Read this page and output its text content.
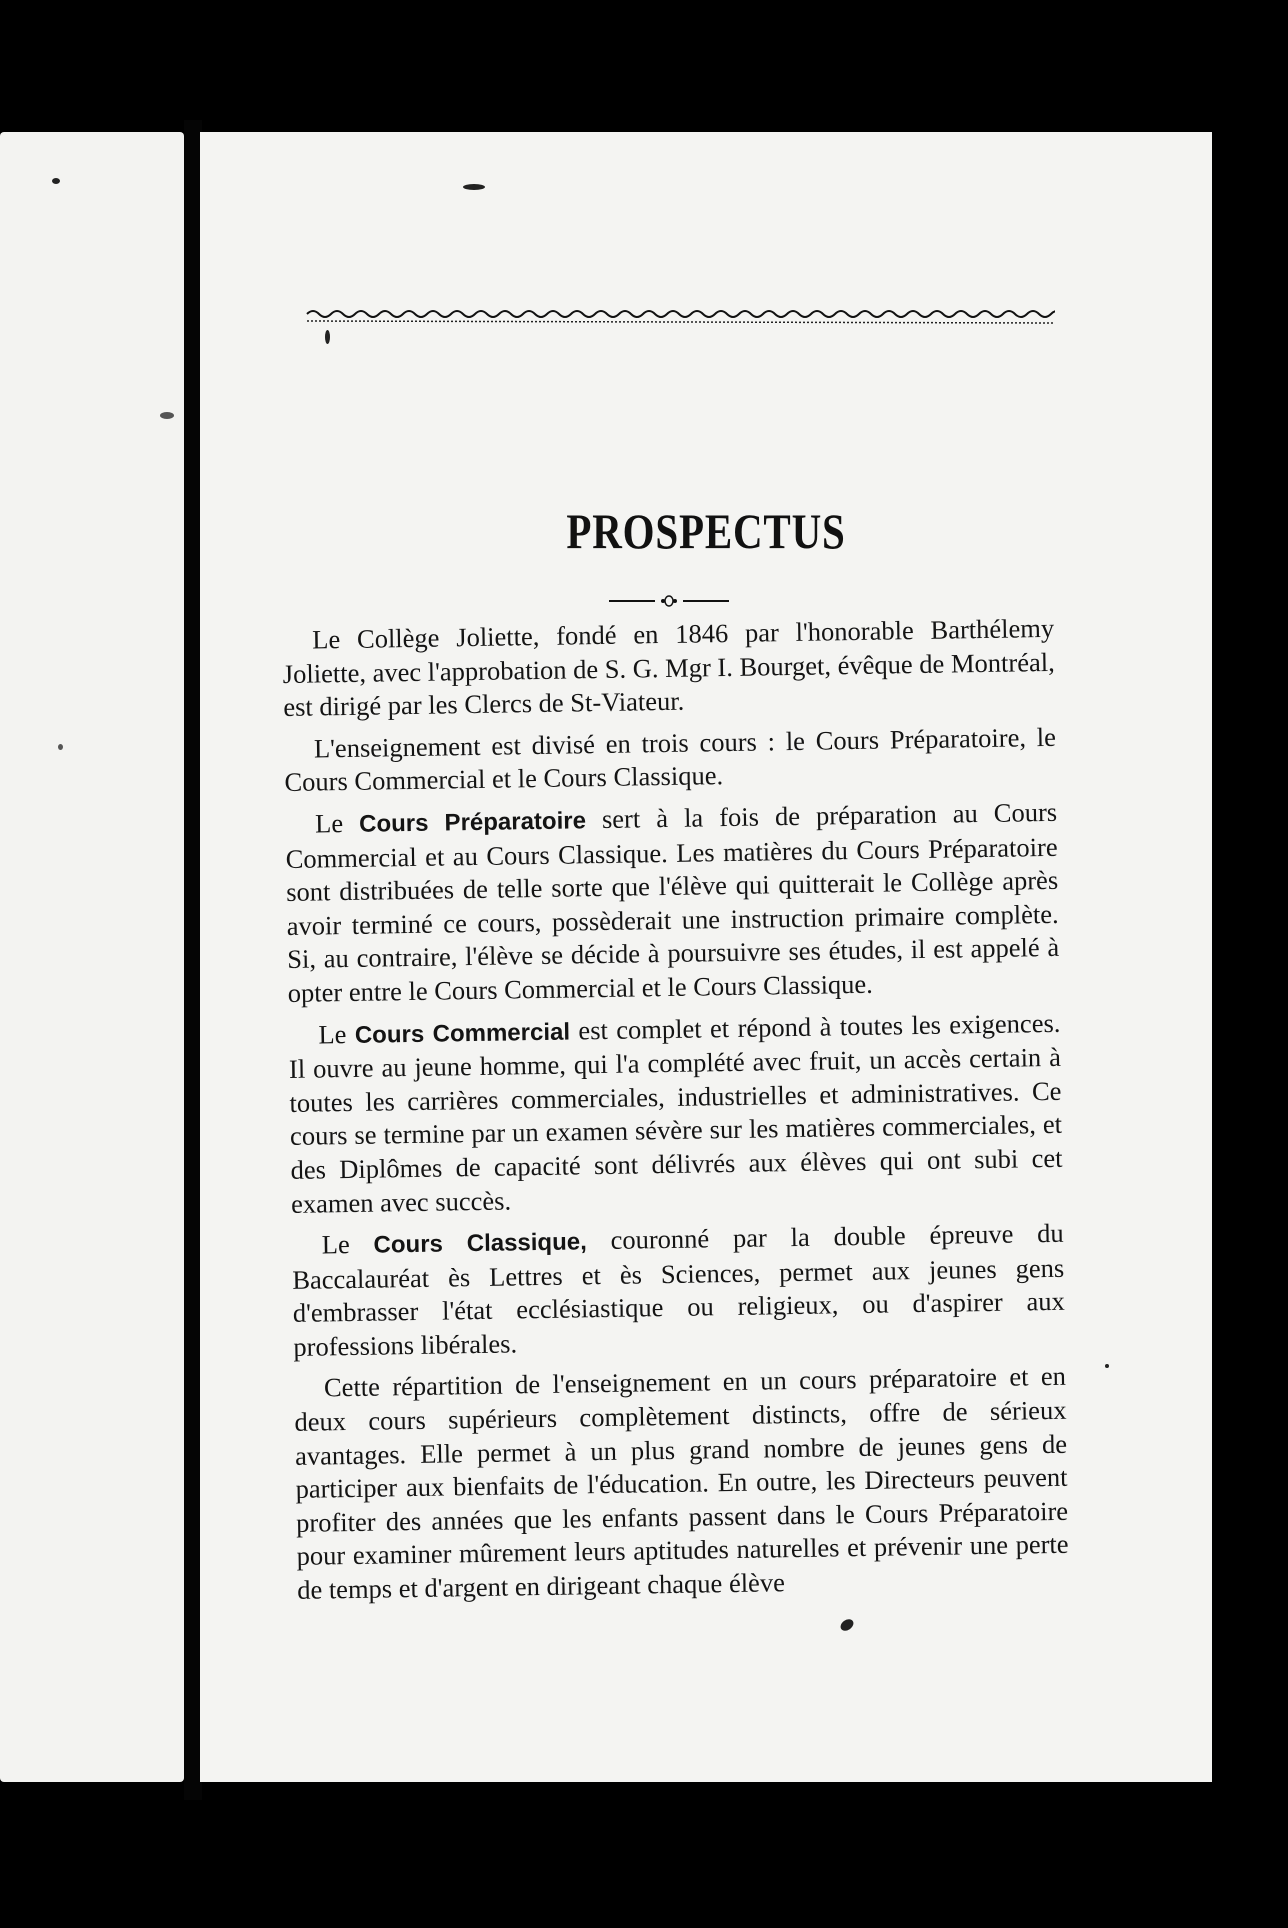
PROSPECTUS

Le Collège Joliette, fondé en 1846 par l'honorable Barthélemy Joliette, avec l'approbation de S. G. Mgr I. Bourget, évêque de Montréal, est dirigé par les Clercs de St-Viateur.

L'enseignement est divisé en trois cours : le Cours Préparatoire, le Cours Commercial et le Cours Classique.

Le Cours Préparatoire sert à la fois de préparation au Cours Commercial et au Cours Classique. Les matières du Cours Préparatoire sont distribuées de telle sorte que l'élève qui quitterait le Collège après avoir terminé ce cours, possèderait une instruction primaire complète. Si, au contraire, l'élève se décide à poursuivre ses études, il est appelé à opter entre le Cours Commercial et le Cours Classique.

Le Cours Commercial est complet et répond à toutes les exigences. Il ouvre au jeune homme, qui l'a complété avec fruit, un accès certain à toutes les carrières commerciales, industrielles et administratives. Ce cours se termine par un examen sévère sur les matières commerciales, et des Diplômes de capacité sont délivrés aux élèves qui ont subi cet examen avec succès.

Le Cours Classique, couronné par la double épreuve du Baccalauréat ès Lettres et ès Sciences, permet aux jeunes gens d'embrasser l'état ecclésiastique ou religieux, ou d'aspirer aux professions libérales.

Cette répartition de l'enseignement en un cours préparatoire et en deux cours supérieurs complètement distincts, offre de sérieux avantages. Elle permet à un plus grand nombre de jeunes gens de participer aux bienfaits de l'éducation. En outre, les Directeurs peuvent profiter des années que les enfants passent dans le Cours Préparatoire pour examiner mûrement leurs aptitudes naturelles et prévenir une perte de temps et d'argent en dirigeant chaque élève
